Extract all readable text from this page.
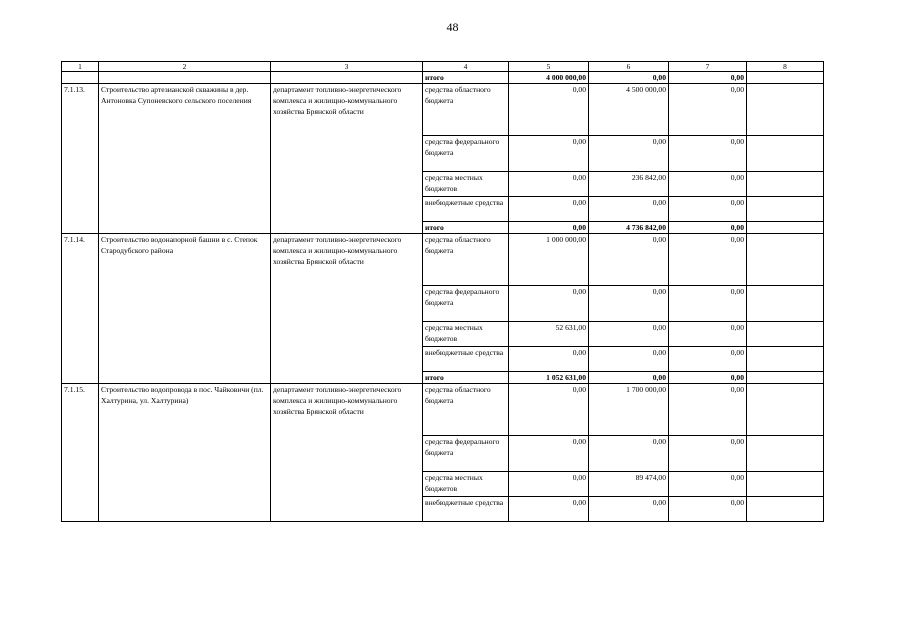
48
1	2	3	4	5	6	7	8
			итого	4 000 000,00	0,00	0,00	
7.1.13.	Строительство артезианской скважины в дер. Антоновка Супоневского сельского поселения	департамент топливно-энергетического комплекса и жилищно-коммунального хозяйства Брянской области	средства областного бюджета	0,00	4 500 000,00	0,00	
			средства федерального бюджета	0,00	0,00	0,00	
			средства местных бюджетов	0,00	236 842,00	0,00	
			внебюджетные средства	0,00	0,00	0,00	
			итого	0,00	4 736 842,00	0,00	
7.1.14.	Строительство водонапорной башни в с. Степок Стародубского района	департамент топливно-энергетического комплекса и жилищно-коммунального хозяйства Брянской области	средства областного бюджета	1 000 000,00	0,00	0,00	
			средства федерального бюджета	0,00	0,00	0,00	
			средства местных бюджетов	52 631,00	0,00	0,00	
			внебюджетные средства	0,00	0,00	0,00	
			итого	1 052 631,00	0,00	0,00	
7.1.15.	Строительство водопровода в пос. Чайковичи (пл. Халтурина, ул. Халтурина)	департамент топливно-энергетического комплекса и жилищно-коммунального хозяйства Брянской области	средства областного бюджета	0,00	1 700 000,00	0,00	
			средства федерального бюджета	0,00	0,00	0,00	
			средства местных бюджетов	0,00	89 474,00	0,00	
			внебюджетные средства	0,00	0,00	0,00	
